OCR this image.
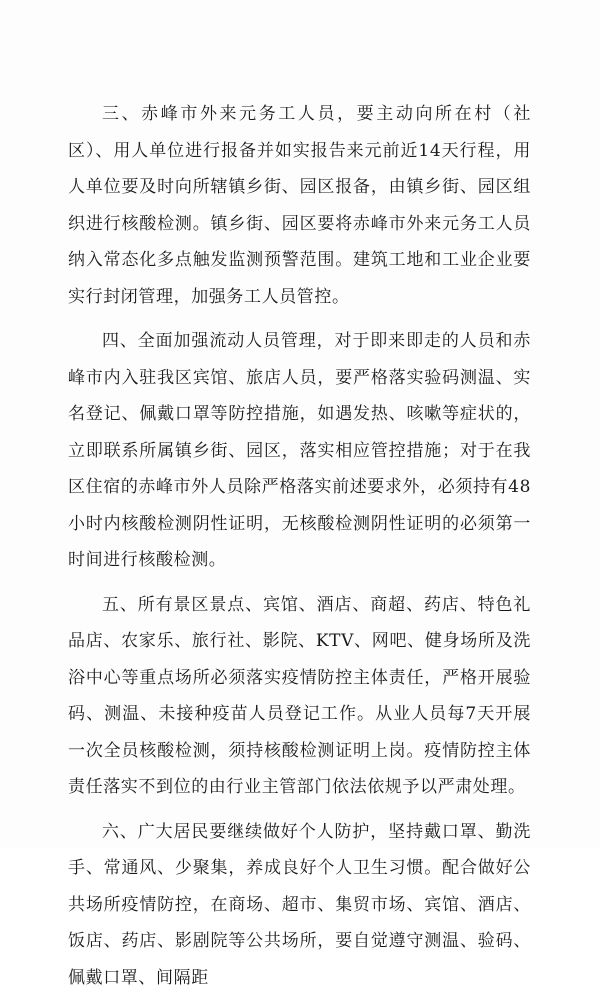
三、赤峰市外来元务工人员，要主动向所在村（社区）、用人单位进行报备并如实报告来元前近14天行程，用人单位要及时向所辖镇乡街、园区报备，由镇乡街、园区组织进行核酸检测。镇乡街、园区要将赤峰市外来元务工人员纳入常态化多点触发监测预警范围。建筑工地和工业企业要实行封闭管理，加强务工人员管控。

四、全面加强流动人员管理，对于即来即走的人员和赤峰市内入驻我区宾馆、旅店人员，要严格落实验码测温、实名登记、佩戴口罩等防控措施，如遇发热、咳嗽等症状的，立即联系所属镇乡街、园区，落实相应管控措施；对于在我区住宿的赤峰市外人员除严格落实前述要求外，必须持有48小时内核酸检测阴性证明，无核酸检测阴性证明的必须第一时间进行核酸检测。

五、所有景区景点、宾馆、酒店、商超、药店、特色礼品店、农家乐、旅行社、影院、KTV、网吧、健身场所及洗浴中心等重点场所必须落实疫情防控主体责任，严格开展验码、测温、未接种疫苗人员登记工作。从业人员每7天开展一次全员核酸检测，须持核酸检测证明上岗。疫情防控主体责任落实不到位的由行业主管部门依法依规予以严肃处理。

六、广大居民要继续做好个人防护，坚持戴口罩、勤洗手、常通风、少聚集，养成良好个人卫生习惯。配合做好公共场所疫情防控，在商场、超市、集贸市场、宾馆、酒店、饭店、药店、影剧院等公共场所，要自觉遵守测温、验码、佩戴口罩、间隔距
